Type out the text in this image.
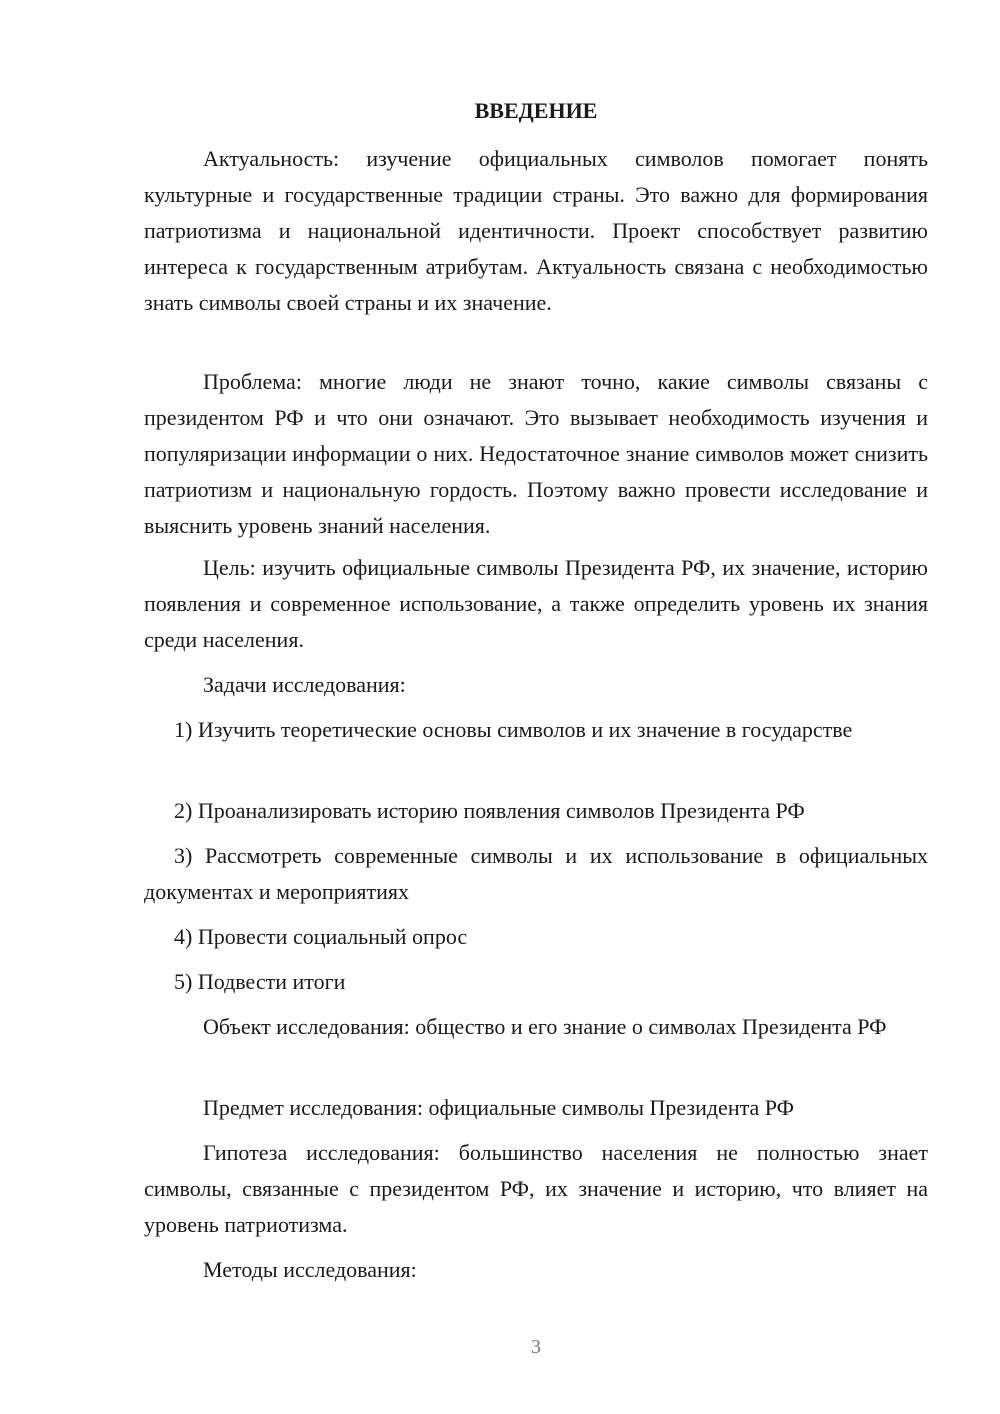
ВВЕДЕНИЕ

Актуальность: изучение официальных символов помогает понять культурные и государственные традиции страны. Это важно для формирования патриотизма и национальной идентичности. Проект способствует развитию интереса к государственным атрибутам. Актуальность связана с необходимостью знать символы своей страны и их значение.

Проблема: многие люди не знают точно, какие символы связаны с президентом РФ и что они означают. Это вызывает необходимость изучения и популяризации информации о них. Недостаточное знание символов может снизить патриотизм и национальную гордость. Поэтому важно провести исследование и выяснить уровень знаний населения.

Цель: изучить официальные символы Президента РФ, их значение, историю появления и современное использование, а также определить уровень их знания среди населения.

Задачи исследования:

1) Изучить теоретические основы символов и их значение в государстве

2) Проанализировать историю появления символов Президента РФ

3) Рассмотреть современные символы и их использование в официальных документах и мероприятиях

4) Провести социальный опрос

5) Подвести итоги

Объект исследования: общество и его знание о символах Президента РФ

Предмет исследования: официальные символы Президента РФ

Гипотеза исследования: большинство населения не полностью знает символы, связанные с президентом РФ, их значение и историю, что влияет на уровень патриотизма.

Методы исследования:

3
